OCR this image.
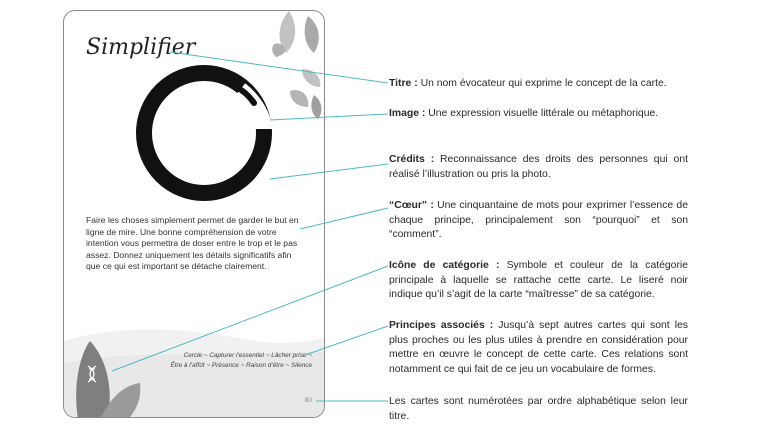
Simplifier
Faire les choses simplement permet de garder le but en ligne de mire. Une bonne compréhension de votre intention vous permettra de doser entre le trop et le pas assez. Donnez uniquement les détails significatifs afin que ce qui est important se détache clairement.
Cercle ~ Capturer l’essentiel ~ Lâcher prise ~
Être à l’affût ~ Présence ~ Raison d’être ~ Silence
80
Titre : Un nom évocateur qui exprime le concept de la carte.
Image : Une expression visuelle littérale ou métaphorique.
Crédits : Reconnaissance des droits des personnes qui ont réalisé l’illustration ou pris la photo.
“Cœur” : Une cinquantaine de mots pour exprimer l’essence de chaque principe, principalement son “pourquoi” et son “comment”.
Icône de catégorie : Symbole et couleur de la catégorie principale à laquelle se rattache cette carte. Le liseré noir indique qu’il s’agit de la carte “maîtresse” de sa catégorie.
Principes associés : Jusqu’à sept autres cartes qui sont les plus proches ou les plus utiles à prendre en considération pour mettre en œuvre le concept de cette carte. Ces relations sont notamment ce qui fait de ce jeu un vocabulaire de formes.
Les cartes sont numérotées par ordre alphabétique selon leur titre.
